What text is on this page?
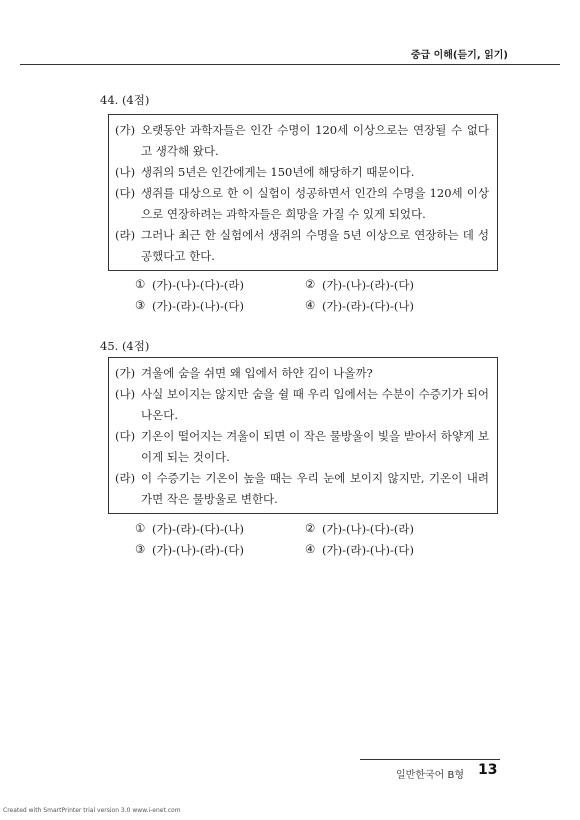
중급 이해(듣기, 읽기)
44. (4점)
(가) 오랫동안 과학자들은 인간 수명이 120세 이상으로는 연장될 수 없다고 생각해 왔다.
(나) 생쥐의 5년은 인간에게는 150년에 해당하기 때문이다.
(다) 생쥐를 대상으로 한 이 실험이 성공하면서 인간의 수명을 120세 이상으로 연장하려는 과학자들은 희망을 가질 수 있게 되었다.
(라) 그러나 최근 한 실험에서 생쥐의 수명을 5년 이상으로 연장하는 데 성공했다고 한다.
① (가)-(나)-(다)-(라)	② (가)-(나)-(라)-(다)
③ (가)-(라)-(나)-(다)	④ (가)-(라)-(다)-(나)
45. (4점)
(가) 겨울에 숨을 쉬면 왜 입에서 하얀 김이 나올까?
(나) 사실 보이지는 않지만 숨을 쉴 때 우리 입에서는 수분이 수증기가 되어 나온다.
(다) 기온이 떨어지는 겨울이 되면 이 작은 물방울이 빛을 받아서 하얗게 보이게 되는 것이다.
(라) 이 수증기는 기온이 높을 때는 우리 눈에 보이지 않지만, 기온이 내려가면 작은 물방울로 변한다.
① (가)-(라)-(다)-(나)	② (가)-(나)-(다)-(라)
③ (가)-(나)-(라)-(다)	④ (가)-(라)-(나)-(다)
일반한국어 B형 13
Created with SmartPrinter trial version 3.0 www.i-enet.com
